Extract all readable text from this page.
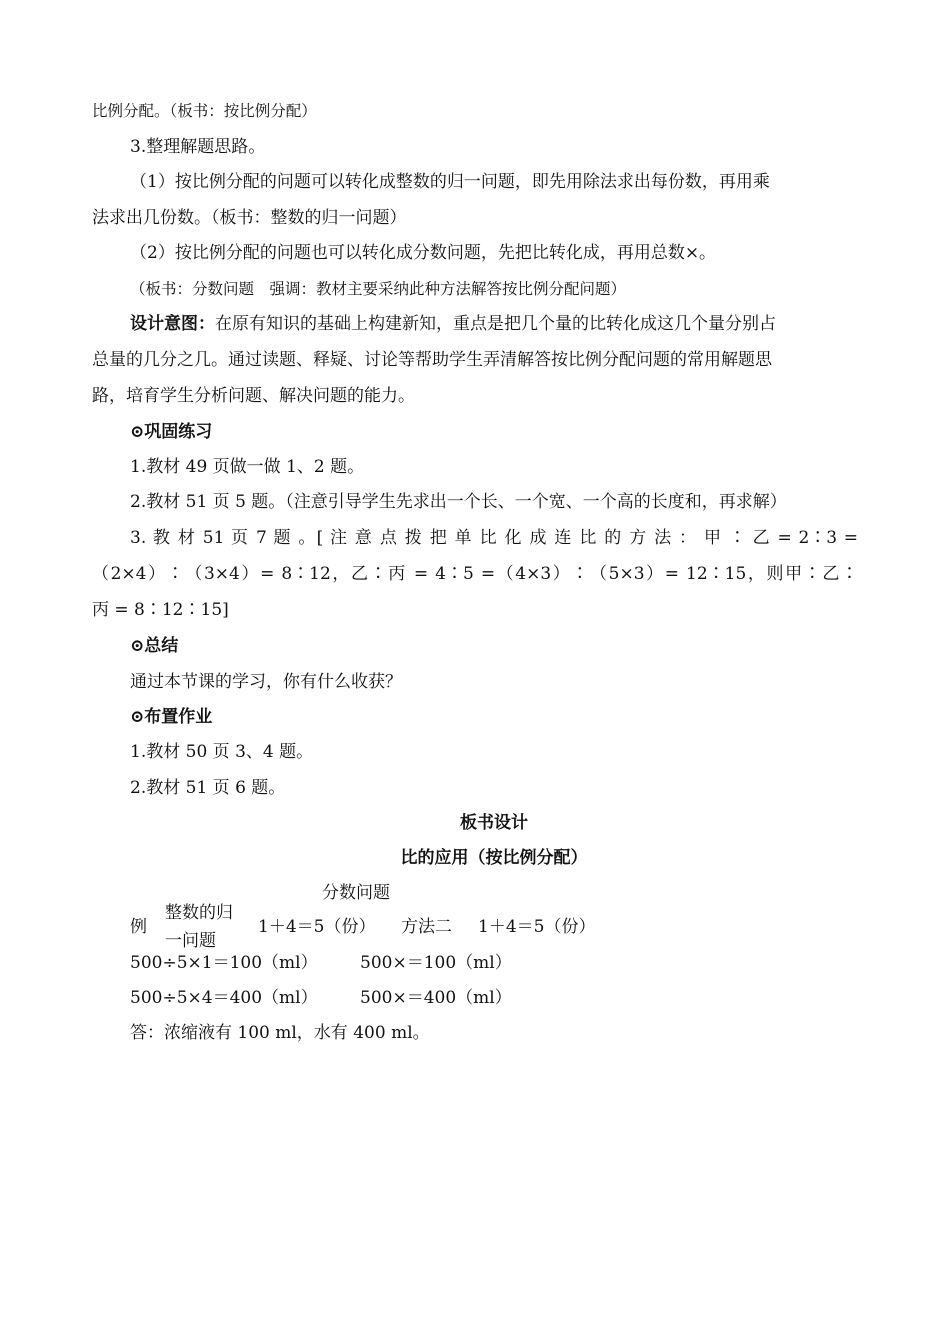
比例分配。（板书：按比例分配）
3.整理解题思路。
（1）按比例分配的问题可以转化成整数的归一问题，即先用除法求出每份数，再用乘
法求出几份数。（板书：整数的归一问题）
（2）按比例分配的问题也可以转化成分数问题，先把比转化成，再用总数×。
（板书：分数问题　强调：教材主要采纳此种方法解答按比例分配问题）
设计意图：在原有知识的基础上构建新知，重点是把几个量的比转化成这几个量分别占
总量的几分之几。通过读题、释疑、讨论等帮助学生弄清解答按比例分配问题的常用解题思
路，培育学生分析问题、解决问题的能力。
⊙巩固练习
1.教材 49 页做一做 1、2 题。
2.教材 51 页 5 题。（注意引导学生先求出一个长、一个宽、一个高的长度和，再求解）
3. 教 材 51 页 7 题 。[ 注 意 点 拨 把 单 比 化 成 连 比 的 方 法 ： 甲 ∶ 乙 = 2∶3 =
（2×4）∶（3×4）= 8∶12，乙∶丙 = 4∶5 =（4×3）∶（5×3）= 12∶15，则甲∶乙∶
丙 = 8∶12∶15]
⊙总结
通过本节课的学习，你有什么收获？
⊙布置作业
1.教材 50 页 3、4 题。
2.教材 51 页 6 题。
板书设计
比的应用（按比例分配）
分数问题
例
整数的归
一问题
1＋4＝5（份） 方法二 1＋4＝5（份）
500÷5×1＝100（ml） 500×＝100（ml）
500÷5×4＝400（ml） 500×＝400（ml）
答：浓缩液有 100 ml，水有 400 ml。
